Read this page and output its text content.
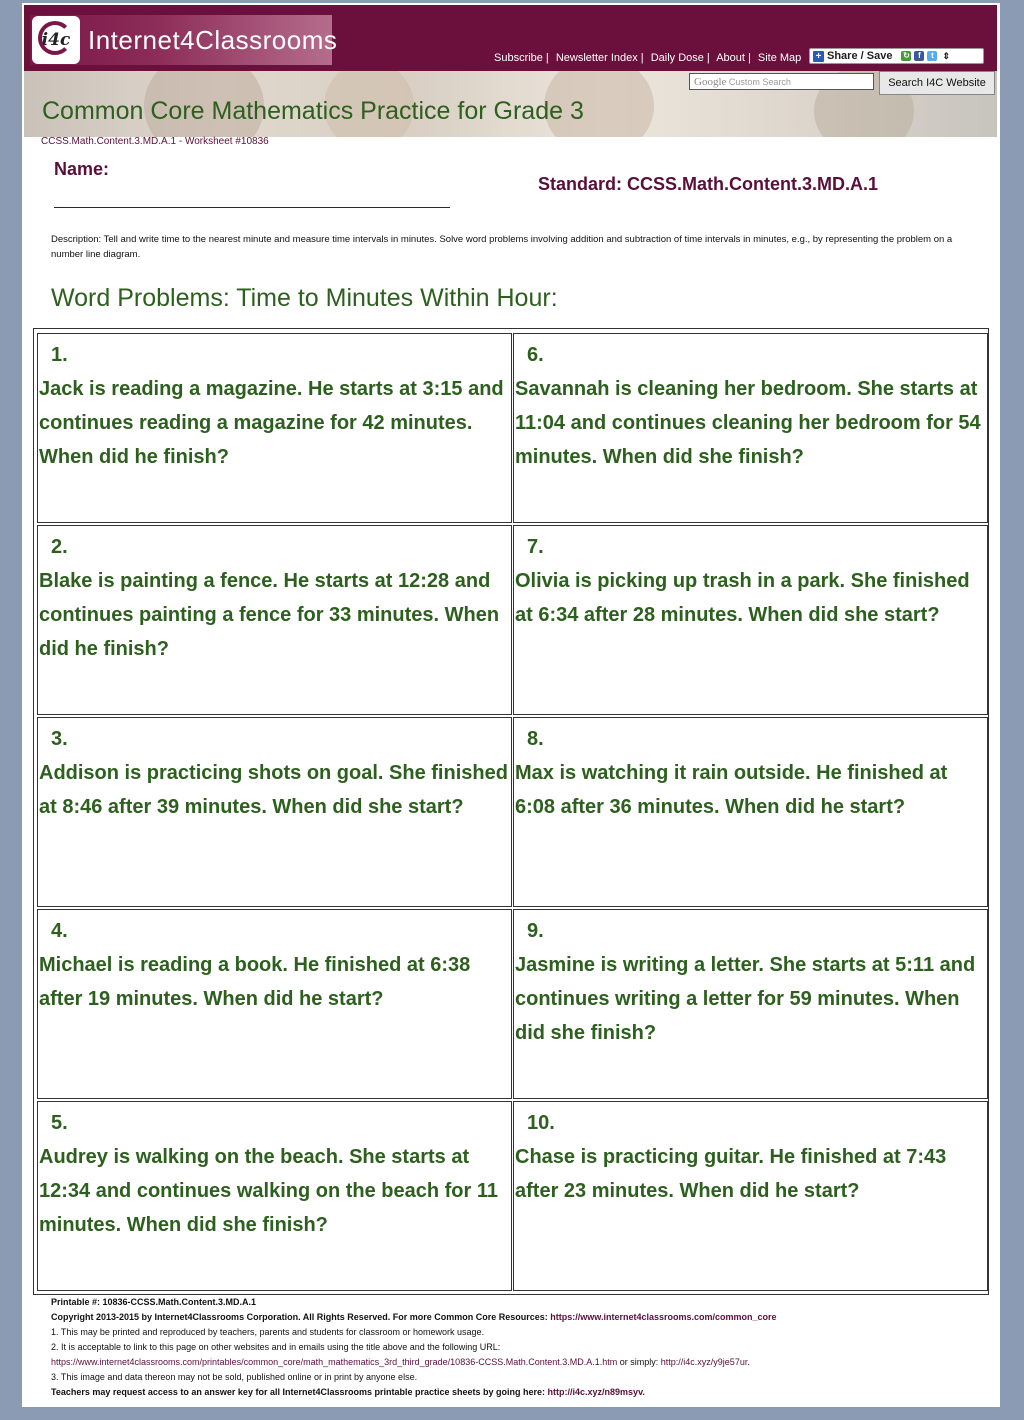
i4c Internet4Classrooms
Subscribe | Newsletter Index | Daily Dose | About | Site Map + Share / Save ↻	f	t ⇕
Common Core Mathematics Practice for Grade 3
Google Custom Search	Search I4C Website
CCSS.Math.Content.3.MD.A.1 - Worksheet #10836
Name:
Standard: CCSS.Math.Content.3.MD.A.1
Description: Tell and write time to the nearest minute and measure time intervals in minutes. Solve word problems involving addition and subtraction of time intervals in minutes, e.g., by representing the problem on a number line diagram.
Word Problems: Time to Minutes Within Hour:
1.
Jack is reading a magazine. He starts at 3:15 and continues reading a magazine for 42 minutes. When did he finish?
6.
Savannah is cleaning her bedroom. She starts at 11:04 and continues cleaning her bedroom for 54 minutes. When did she finish?
2.
Blake is painting a fence. He starts at 12:28 and continues painting a fence for 33 minutes. When did he finish?
7.
Olivia is picking up trash in a park. She finished at 6:34 after 28 minutes. When did she start?
3.
Addison is practicing shots on goal. She finished at 8:46 after 39 minutes. When did she start?
8.
Max is watching it rain outside. He finished at 6:08 after 36 minutes. When did he start?
4.
Michael is reading a book. He finished at 6:38 after 19 minutes. When did he start?
9.
Jasmine is writing a letter. She starts at 5:11 and continues writing a letter for 59 minutes. When did she finish?
5.
Audrey is walking on the beach. She starts at 12:34 and continues walking on the beach for 11 minutes. When did she finish?
10.
Chase is practicing guitar. He finished at 7:43 after 23 minutes. When did he start?
Printable #: 10836-CCSS.Math.Content.3.MD.A.1
Copyright 2013-2015 by Internet4Classrooms Corporation. All Rights Reserved. For more Common Core Resources: https://www.internet4classrooms.com/common_core
1. This may be printed and reproduced by teachers, parents and students for classroom or homework usage.
2. It is acceptable to link to this page on other websites and in emails using the title above and the following URL:
https://www.internet4classrooms.com/printables/common_core/math_mathematics_3rd_third_grade/10836-CCSS.Math.Content.3.MD.A.1.htm or simply: http://i4c.xyz/y9je57ur.
3. This image and data thereon may not be sold, published online or in print by anyone else.
Teachers may request access to an answer key for all Internet4Classrooms printable practice sheets by going here: http://i4c.xyz/n89msyv.
